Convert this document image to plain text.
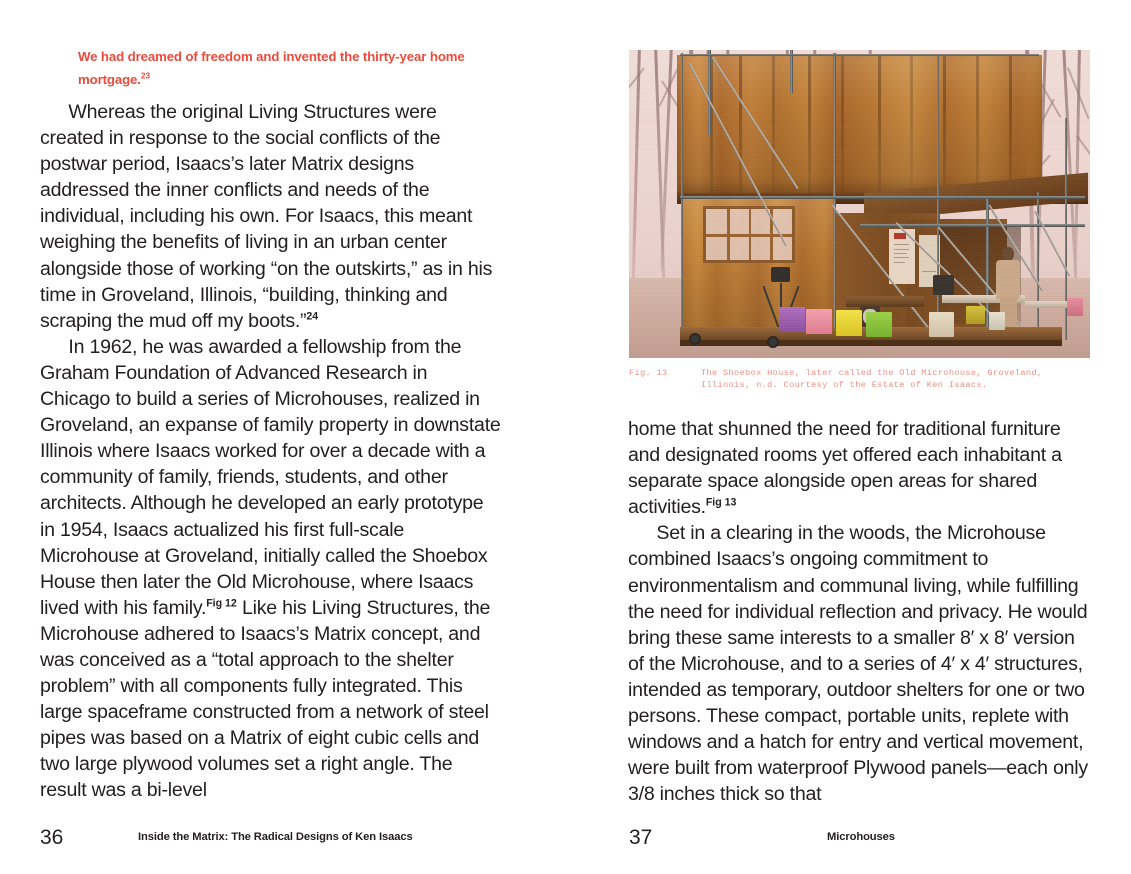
We had dreamed of freedom and invented the thirty-year home mortgage.$^{23}$

Whereas the original Living Structures were created in response to the social conflicts of the postwar period, Isaacs’s later Matrix designs addressed the inner conflicts and needs of the individual, including his own. For Isaacs, this meant weighing the benefits of living in an urban center alongside those of working “on the outskirts,” as in his time in Groveland, Illinois, “building, thinking and scraping the mud off my boots.”$^{24}$

In 1962, he was awarded a fellowship from the Graham Foundation of Advanced Research in Chicago to build a series of Microhouses, realized in Groveland, an expanse of family property in downstate Illinois where Isaacs worked for over a decade with a community of family, friends, students, and other architects. Although he developed an early prototype in 1954, Isaacs actualized his first full-scale Microhouse at Groveland, initially called the Shoebox House then later the Old Microhouse, where Isaacs lived with his family.$^{Fig 12}$ Like his Living Structures, the Microhouse adhered to Isaacs’s Matrix concept, and was conceived as a “total approach to the shelter problem” with all components fully integrated. This large spaceframe constructed from a network of steel pipes was based on a Matrix of eight cubic cells and two large plywood volumes set a right angle. The result was a bi-level

36	Inside the Matrix: The Radical Designs of Ken Isaacs
Fig. 13	The Shoebox House, later called the Old Microhouse, Groveland,
Illinois, n.d. Courtesy of the Estate of Ken Isaacs.

home that shunned the need for traditional furniture and designated rooms yet offered each inhabitant a separate space alongside open areas for shared activities.$^{Fig 13}$

Set in a clearing in the woods, the Microhouse combined Isaacs’s ongoing commitment to environmentalism and communal living, while fulfilling the need for individual reflection and privacy. He would bring these same interests to a smaller 8′ x 8′ version of the Microhouse, and to a series of 4′ x 4′ structures, intended as temporary, outdoor shelters for one or two persons. These compact, portable units, replete with windows and a hatch for entry and vertical movement, were built from waterproof Plywood panels—each only 3/8 inches thick so that

37	Microhouses
